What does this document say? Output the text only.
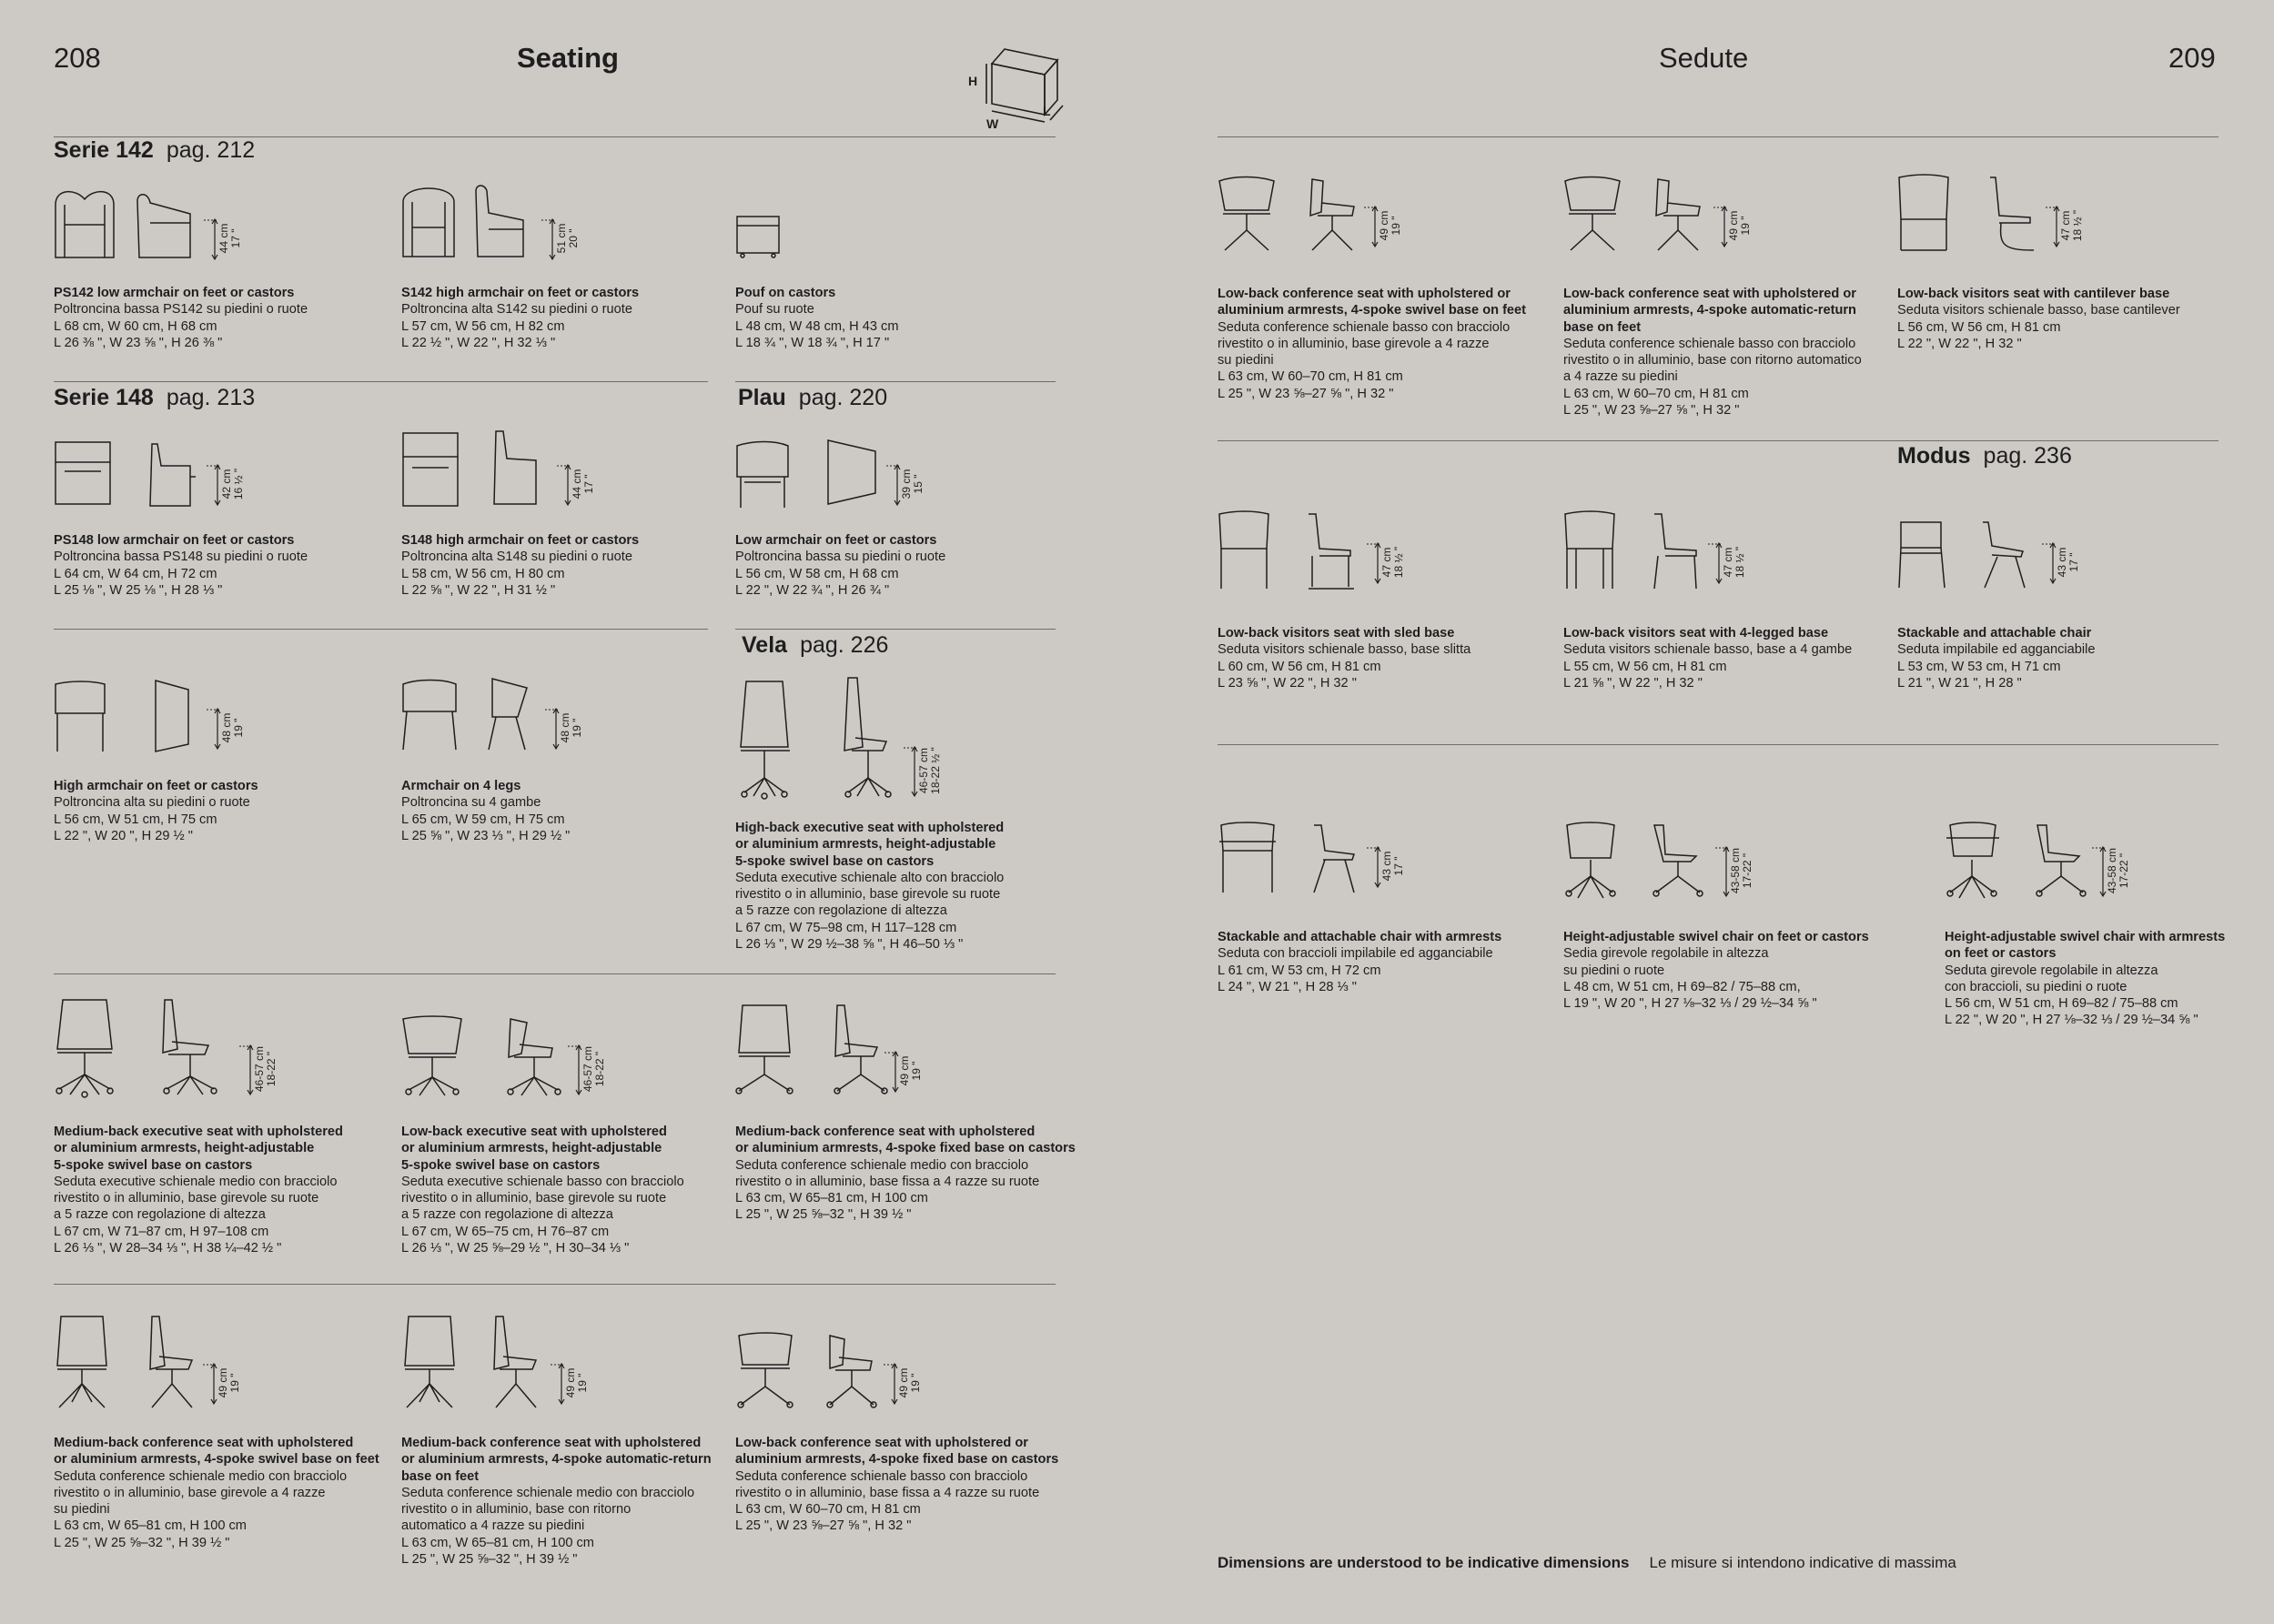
208	Seating	Sedute	209
H
W
L
Serie 142 pag. 212
Serie 148 pag. 213	Plau pag. 220
Vela pag. 226
Modus pag. 236
PS142 low armchair on feet or castors
Poltroncina bassa PS142 su piedini o ruote
L 68 cm, W 60 cm, H 68 cm
L 26 ⅜ ", W 23 ⅝ ", H 26 ⅜ "
S142 high armchair on feet or castors
Poltroncina alta S142 su piedini o ruote
L 57 cm, W 56 cm, H 82 cm
L 22 ½ ", W 22 ", H 32 ⅓ "
Pouf on castors
Pouf su ruote
L 48 cm, W 48 cm, H 43 cm
L 18 ¾ ", W 18 ¾ ", H 17 "
PS148 low armchair on feet or castors
Poltroncina bassa PS148 su piedini o ruote
L 64 cm, W 64 cm, H 72 cm
L 25 ⅛ ", W 25 ⅛ ", H 28 ⅓ "
S148 high armchair on feet or castors
Poltroncina alta S148 su piedini o ruote
L 58 cm, W 56 cm, H 80 cm
L 22 ⅝ ", W 22 ", H 31 ½ "
Low armchair on feet or castors
Poltroncina bassa su piedini o ruote
L 56 cm, W 58 cm, H 68 cm
L 22 ", W 22 ¾ ", H 26 ¾ "
High armchair on feet or castors
Poltroncina alta su piedini o ruote
L 56 cm, W 51 cm, H 75 cm
L 22 ", W 20 ", H 29 ½ "
Armchair on 4 legs
Poltroncina su 4 gambe
L 65 cm, W 59 cm, H 75 cm
L 25 ⅝ ", W 23 ⅓ ", H 29 ½ "
High-back executive seat with upholstered
or aluminium armrests, height-adjustable
5-spoke swivel base on castors
Seduta executive schienale alto con bracciolo
rivestito o in alluminio, base girevole su ruote
a 5 razze con regolazione di altezza
L 67 cm, W 75–98 cm, H 117–128 cm
L 26 ⅓ ", W 29 ½–38 ⅝ ", H 46–50 ⅓ "
Medium-back executive seat with upholstered
or aluminium armrests, height-adjustable
5-spoke swivel base on castors
Seduta executive schienale medio con bracciolo
rivestito o in alluminio, base girevole su ruote
a 5 razze con regolazione di altezza
L 67 cm, W 71–87 cm, H 97–108 cm
L 26 ⅓ ", W 28–34 ⅓ ", H 38 ¼–42 ½ "
Low-back executive seat with upholstered
or aluminium armrests, height-adjustable
5-spoke swivel base on castors
Seduta executive schienale basso con bracciolo
rivestito o in alluminio, base girevole su ruote
a 5 razze con regolazione di altezza
L 67 cm, W 65–75 cm, H 76–87 cm
L 26 ⅓ ", W 25 ⅝–29 ½ ", H 30–34 ⅓ "
Medium-back conference seat with upholstered
or aluminium armrests, 4-spoke fixed base on castors
Seduta conference schienale medio con bracciolo
rivestito o in alluminio, base fissa a 4 razze su ruote
L 63 cm, W 65–81 cm, H 100 cm
L 25 ", W 25 ⅝–32 ", H 39 ½ "
Medium-back conference seat with upholstered
or aluminium armrests, 4-spoke swivel base on feet
Seduta conference schienale medio con bracciolo
rivestito o in alluminio, base girevole a 4 razze
su piedini
L 63 cm, W 65–81 cm, H 100 cm
L 25 ", W 25 ⅝–32 ", H 39 ½ "
Medium-back conference seat with upholstered
or aluminium armrests, 4-spoke automatic-return
base on feet
Seduta conference schienale medio con bracciolo
rivestito o in alluminio, base con ritorno
automatico a 4 razze su piedini
L 63 cm, W 65–81 cm, H 100 cm
L 25 ", W 25 ⅝–32 ", H 39 ½ "
Low-back conference seat with upholstered or
aluminium armrests, 4-spoke fixed base on castors
Seduta conference schienale basso con bracciolo
rivestito o in alluminio, base fissa a 4 razze su ruote
L 63 cm, W 60–70 cm, H 81 cm
L 25 ", W 23 ⅝–27 ⅝ ", H 32 "
Low-back conference seat with upholstered or
aluminium armrests, 4-spoke swivel base on feet
Seduta conference schienale basso con bracciolo
rivestito o in alluminio, base girevole a 4 razze
su piedini
L 63 cm, W 60–70 cm, H 81 cm
L 25 ", W 23 ⅝–27 ⅝ ", H 32 "
Low-back conference seat with upholstered or
aluminium armrests, 4-spoke automatic-return
base on feet
Seduta conference schienale basso con bracciolo
rivestito o in alluminio, base con ritorno automatico
a 4 razze su piedini
L 63 cm, W 60–70 cm, H 81 cm
L 25 ", W 23 ⅝–27 ⅝ ", H 32 "
Low-back visitors seat with cantilever base
Seduta visitors schienale basso, base cantilever
L 56 cm, W 56 cm, H 81 cm
L 22 ", W 22 ", H 32 "
Low-back visitors seat with sled base
Seduta visitors schienale basso, base slitta
L 60 cm, W 56 cm, H 81 cm
L 23 ⅝ ", W 22 ", H 32 "
Low-back visitors seat with 4-legged base
Seduta visitors schienale basso, base a 4 gambe
L 55 cm, W 56 cm, H 81 cm
L 21 ⅝ ", W 22 ", H 32 "
Stackable and attachable chair
Seduta impilabile ed agganciabile
L 53 cm, W 53 cm, H 71 cm
L 21 ", W 21 ", H 28 "
Stackable and attachable chair with armrests
Seduta con braccioli impilabile ed agganciabile
L 61 cm, W 53 cm, H 72 cm
L 24 ", W 21 ", H 28 ⅓ "
Height-adjustable swivel chair on feet or castors
Sedia girevole regolabile in altezza
su piedini o ruote
L 48 cm, W 51 cm, H 69–82 / 75–88 cm,
L 19 ", W 20 ", H 27 ⅛–32 ⅓ / 29 ½–34 ⅝ "
Height-adjustable swivel chair with armrests
on feet or castors
Seduta girevole regolabile in altezza
con braccioli, su piedini o ruote
L 56 cm, W 51 cm, H 69–82 / 75–88 cm
L 22 ", W 20 ", H 27 ⅛–32 ⅓ / 29 ½–34 ⅝ "
44 cm 17 "	51 cm 20 "
42 cm 16 ½ "	44 cm 17 "	39 cm 15 "
48 cm 19 "	48 cm 19 "
46-57 cm 18-22 ½ "
46-57 cm 18-22 "	46-57 cm 18-22 "	49 cm 19 "
49 cm 19 "	49 cm 19 "	49 cm 19 "
49 cm 19 "	49 cm 19 "	47 cm 18 ½ "
47 cm 18 ½ "	47 cm 18 ½ "	43 cm 17 "
43 cm 17 "	43-58 cm 17-22 "	43-58 cm 17-22 "
Dimensions are understood to be indicative dimensions Le misure si intendono indicative di massima
